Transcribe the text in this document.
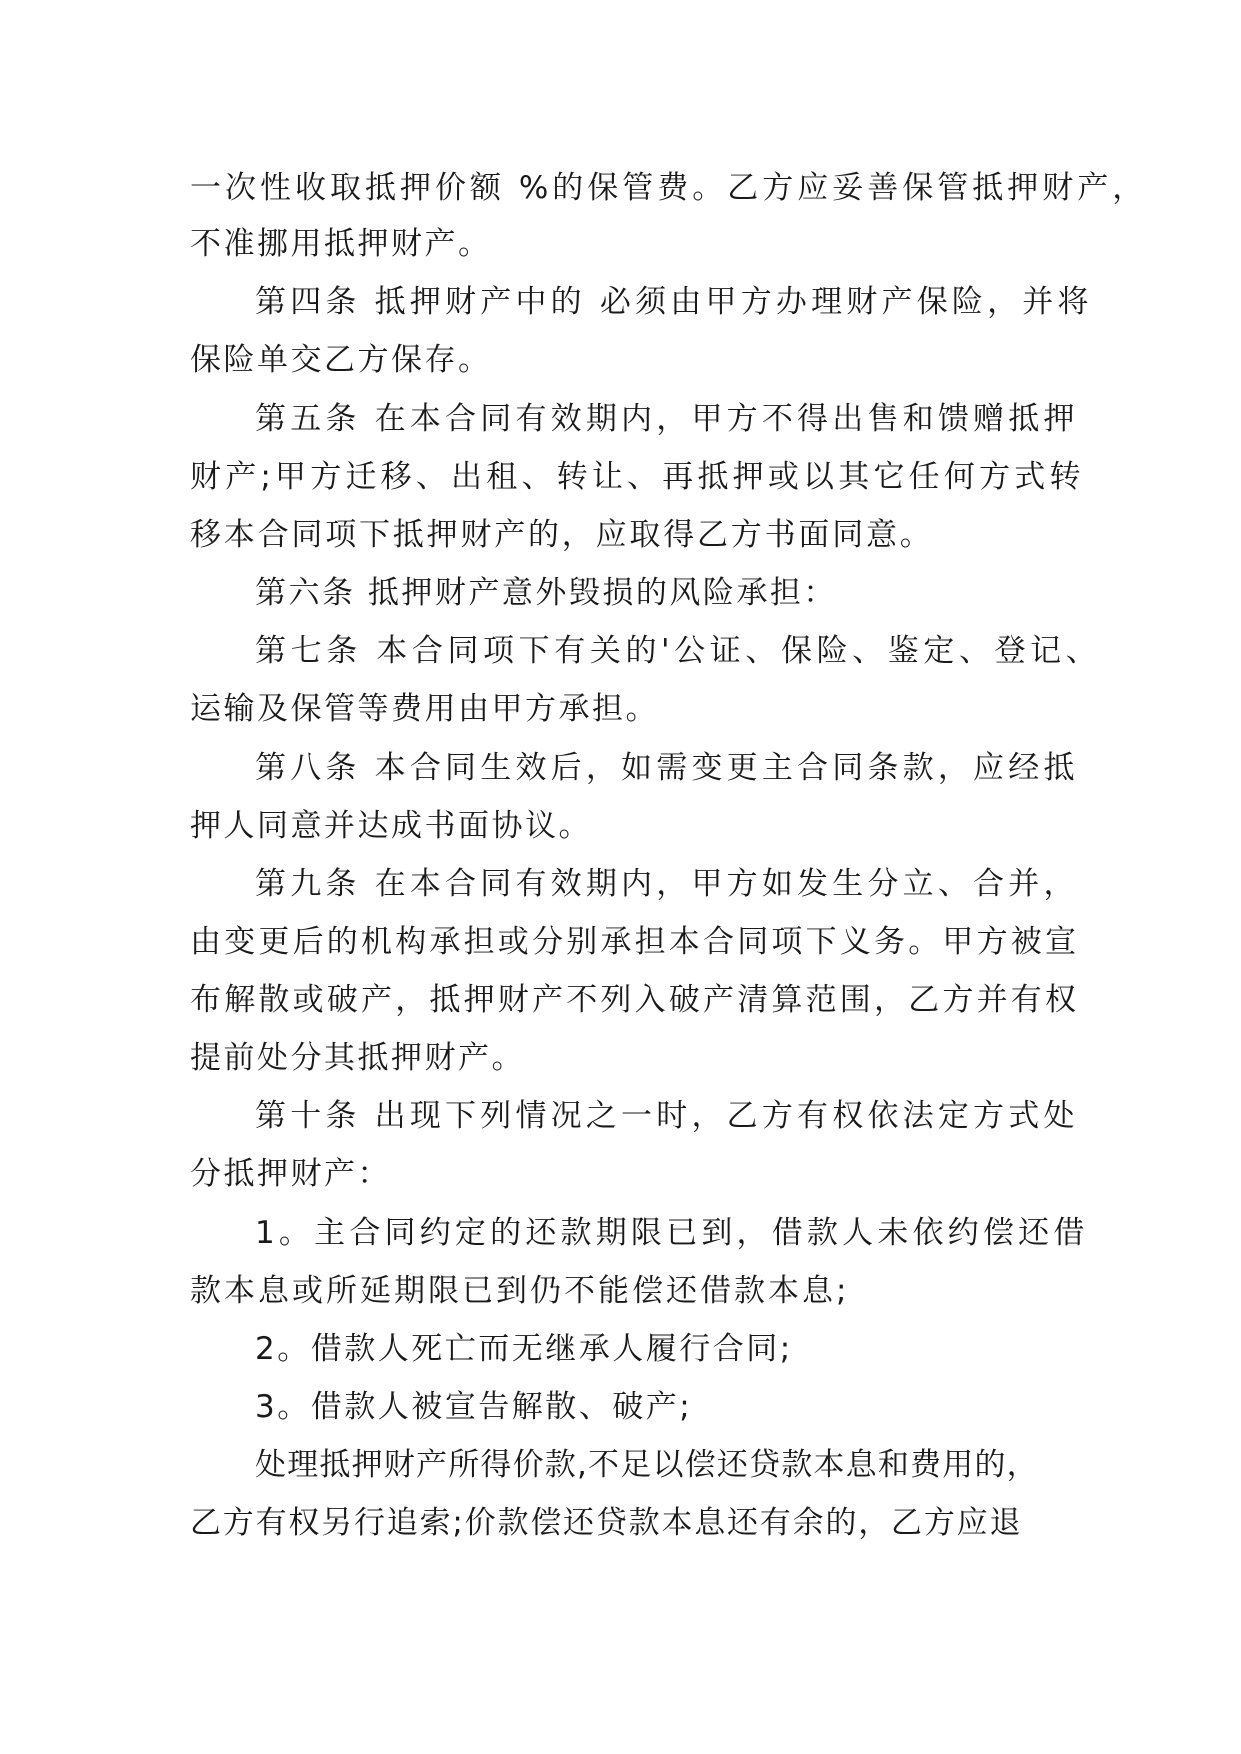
一次性收取抵押价额 %的保管费。乙方应妥善保管抵押财产，
不准挪用抵押财产。
第四条 抵押财产中的 必须由甲方办理财产保险，并将
保险单交乙方保存。
第五条 在本合同有效期内，甲方不得出售和馈赠抵押
财产;甲方迁移、出租、转让、再抵押或以其它任何方式转
移本合同项下抵押财产的，应取得乙方书面同意。
第六条 抵押财产意外毁损的风险承担：
第七条 本合同项下有关的'公证、保险、鉴定、登记、
运输及保管等费用由甲方承担。
第八条 本合同生效后，如需变更主合同条款，应经抵
押人同意并达成书面协议。
第九条 在本合同有效期内，甲方如发生分立、合并，
由变更后的机构承担或分别承担本合同项下义务。甲方被宣
布解散或破产，抵押财产不列入破产清算范围，乙方并有权
提前处分其抵押财产。
第十条 出现下列情况之一时，乙方有权依法定方式处
分抵押财产：
1。主合同约定的还款期限已到，借款人未依约偿还借
款本息或所延期限已到仍不能偿还借款本息;
2。借款人死亡而无继承人履行合同;
3。借款人被宣告解散、破产;
处理抵押财产所得价款,不足以偿还贷款本息和费用的，
乙方有权另行追索;价款偿还贷款本息还有余的，乙方应退
